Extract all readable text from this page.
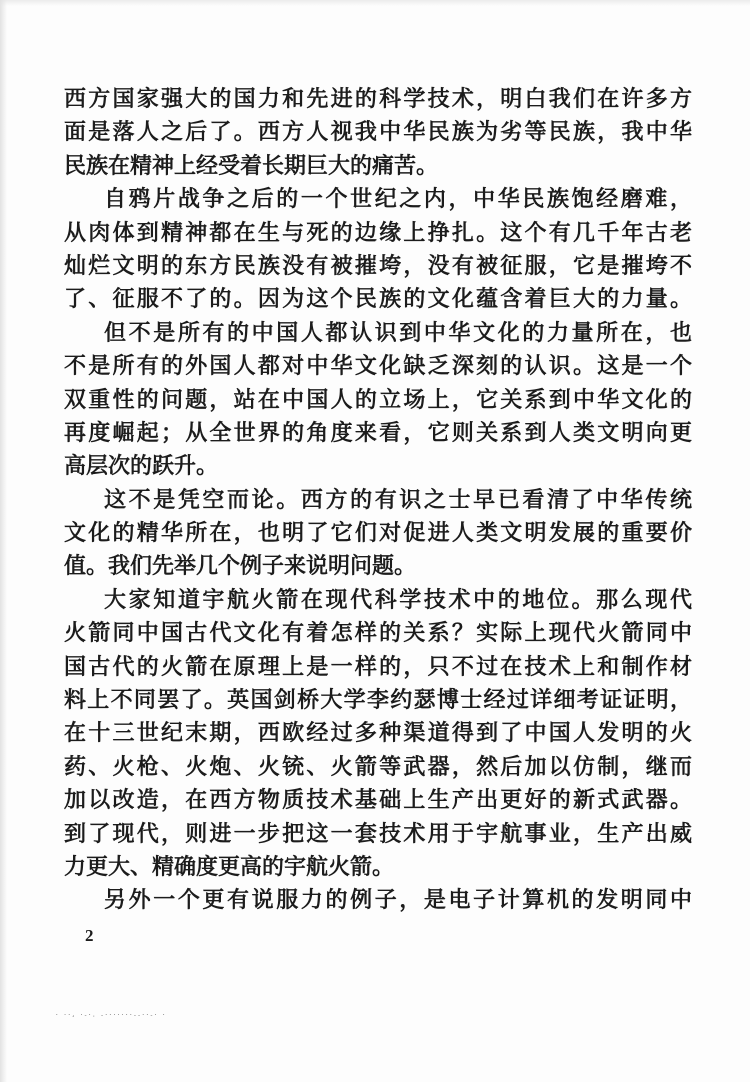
西方国家强大的国力和先进的科学技术，明白我们在许多方
面是落人之后了。西方人视我中华民族为劣等民族，我中华
民族在精神上经受着长期巨大的痛苦。
自鸦片战争之后的一个世纪之内，中华民族饱经磨难，
从肉体到精神都在生与死的边缘上挣扎。这个有几千年古老
灿烂文明的东方民族没有被摧垮，没有被征服，它是摧垮不
了、征服不了的。因为这个民族的文化蕴含着巨大的力量。
但不是所有的中国人都认识到中华文化的力量所在，也
不是所有的外国人都对中华文化缺乏深刻的认识。这是一个
双重性的问题，站在中国人的立场上，它关系到中华文化的
再度崛起；从全世界的角度来看，它则关系到人类文明向更
高层次的跃升。
这不是凭空而论。西方的有识之士早已看清了中华传统
文化的精华所在，也明了它们对促进人类文明发展的重要价
值。我们先举几个例子来说明问题。
大家知道宇航火箭在现代科学技术中的地位。那么现代
火箭同中国古代文化有着怎样的关系？实际上现代火箭同中
国古代的火箭在原理上是一样的，只不过在技术上和制作材
料上不同罢了。英国剑桥大学李约瑟博士经过详细考证证明，
在十三世纪末期，西欧经过多种渠道得到了中国人发明的火
药、火枪、火炮、火铳、火箭等武器，然后加以仿制，继而
加以改造，在西方物质技术基础上生产出更好的新式武器。
到了现代，则进一步把这一套技术用于宇航事业，生产出威
力更大、精确度更高的宇航火箭。
另外一个更有说服力的例子，是电子计算机的发明同中
2
· ··, ·-·. -·······--··-· ·
